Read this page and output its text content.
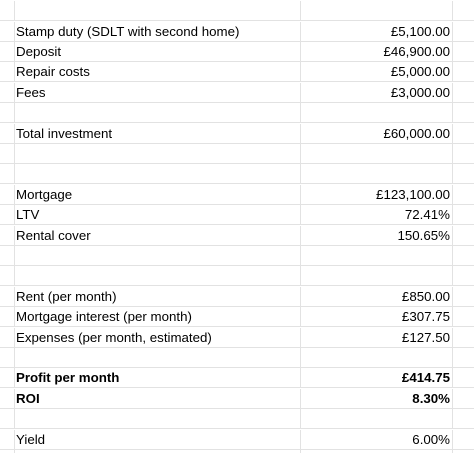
Stamp duty (SDLT with second home)	£5,100.00
Deposit	£46,900.00
Repair costs	£5,000.00
Fees	£3,000.00
Total investment	£60,000.00
Mortgage	£123,100.00
LTV	72.41%
Rental cover	150.65%
Rent (per month)	£850.00
Mortgage interest (per month)	£307.75
Expenses (per month, estimated)	£127.50
Profit per month	£414.75
ROI	8.30%
Yield	6.00%
